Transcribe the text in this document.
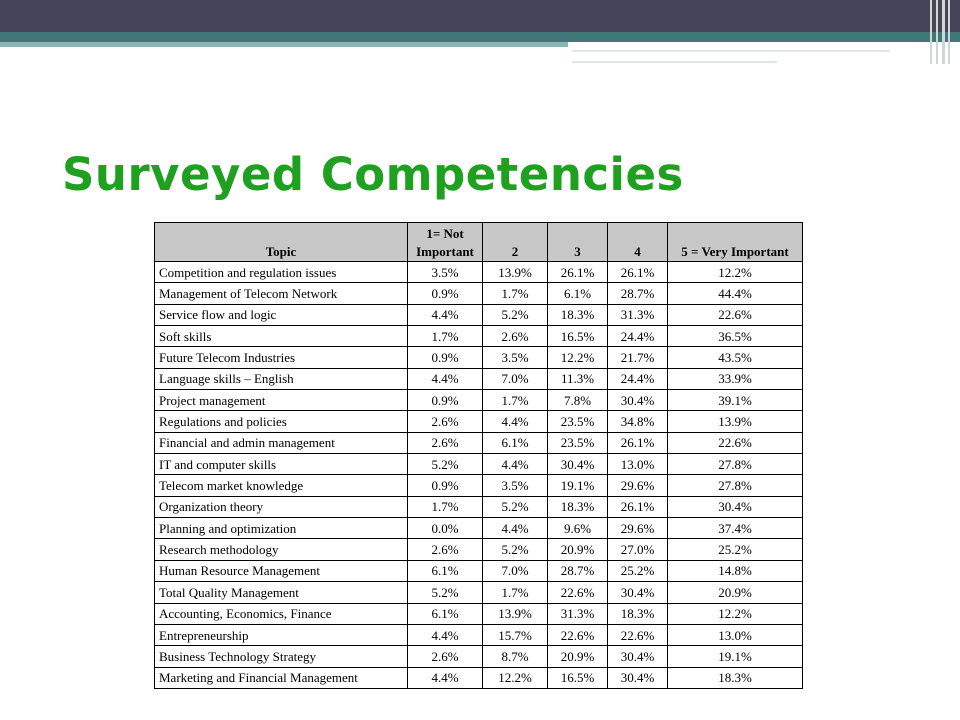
Surveyed Competencies
Topic	1= Not Important	2	3	4	5 = Very Important
Competition and regulation issues	3.5%	13.9%	26.1%	26.1%	12.2%
Management of Telecom Network	0.9%	1.7%	6.1%	28.7%	44.4%
Service flow and logic	4.4%	5.2%	18.3%	31.3%	22.6%
Soft skills	1.7%	2.6%	16.5%	24.4%	36.5%
Future Telecom Industries	0.9%	3.5%	12.2%	21.7%	43.5%
Language skills – English	4.4%	7.0%	11.3%	24.4%	33.9%
Project management	0.9%	1.7%	7.8%	30.4%	39.1%
Regulations and policies	2.6%	4.4%	23.5%	34.8%	13.9%
Financial and admin management	2.6%	6.1%	23.5%	26.1%	22.6%
IT and computer skills	5.2%	4.4%	30.4%	13.0%	27.8%
Telecom market knowledge	0.9%	3.5%	19.1%	29.6%	27.8%
Organization theory	1.7%	5.2%	18.3%	26.1%	30.4%
Planning and optimization	0.0%	4.4%	9.6%	29.6%	37.4%
Research methodology	2.6%	5.2%	20.9%	27.0%	25.2%
Human Resource Management	6.1%	7.0%	28.7%	25.2%	14.8%
Total Quality Management	5.2%	1.7%	22.6%	30.4%	20.9%
Accounting, Economics, Finance	6.1%	13.9%	31.3%	18.3%	12.2%
Entrepreneurship	4.4%	15.7%	22.6%	22.6%	13.0%
Business Technology Strategy	2.6%	8.7%	20.9%	30.4%	19.1%
Marketing and Financial Management	4.4%	12.2%	16.5%	30.4%	18.3%
